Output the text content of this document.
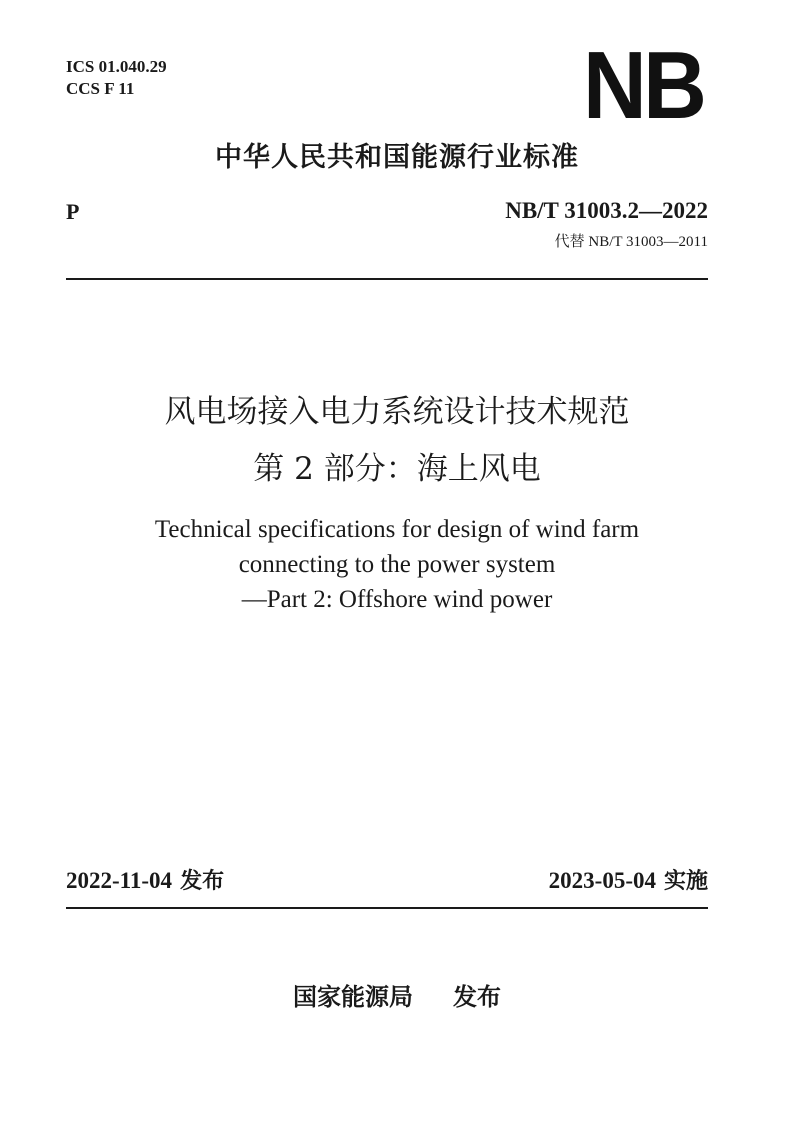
ICS 01.040.29
CCS F 11	NB
中华人民共和国能源行业标准
P	NB/T 31003.2—2022
代替 NB/T 31003—2011
风电场接入电力系统设计技术规范
第 2 部分：海上风电
Technical specifications for design of wind farm
connecting to the power system
—Part 2: Offshore wind power
2022-11-04 发布	2023-05-04 实施
国家能源局 发布
